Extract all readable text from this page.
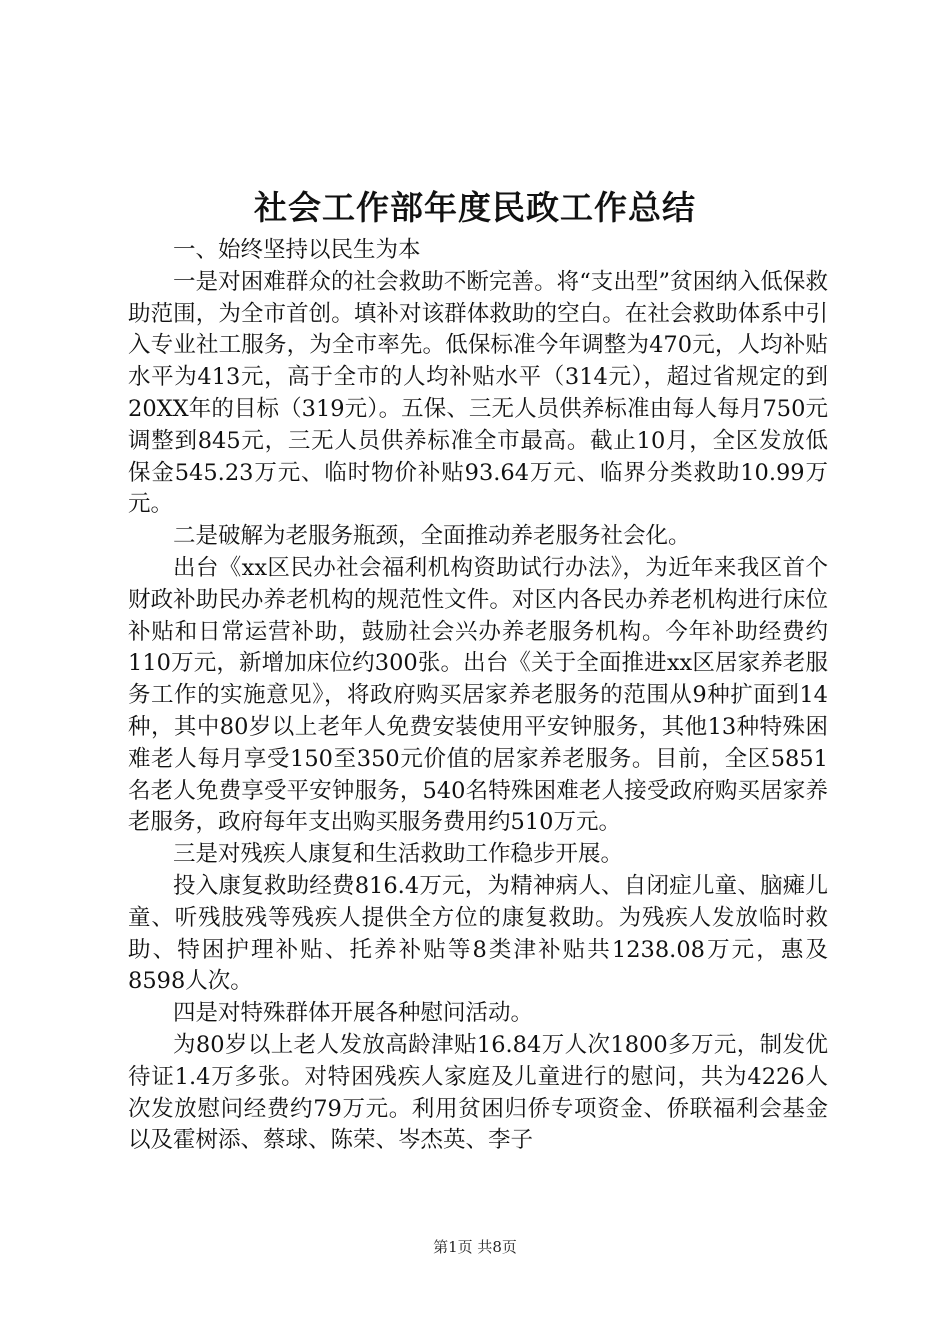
社会工作部年度民政工作总结

一、始终坚持以民生为本

一是对困难群众的社会救助不断完善。将“支出型”贫困纳入低保救助范围，为全市首创。填补对该群体救助的空白。在社会救助体系中引入专业社工服务，为全市率先。低保标准今年调整为470元，人均补贴水平为413元，高于全市的人均补贴水平（314元），超过省规定的到20XX年的目标（319元）。五保、三无人员供养标准由每人每月750元调整到845元，三无人员供养标准全市最高。截止10月，全区发放低保金545.23万元、临时物价补贴93.64万元、临界分类救助10.99万元。

二是破解为老服务瓶颈，全面推动养老服务社会化。

出台《xx区民办社会福利机构资助试行办法》，为近年来我区首个财政补助民办养老机构的规范性文件。对区内各民办养老机构进行床位补贴和日常运营补助，鼓励社会兴办养老服务机构。今年补助经费约110万元，新增加床位约300张。出台《关于全面推进xx区居家养老服务工作的实施意见》，将政府购买居家养老服务的范围从9种扩面到14种，其中80岁以上老年人免费安装使用平安钟服务，其他13种特殊困难老人每月享受150至350元价值的居家养老服务。目前，全区5851名老人免费享受平安钟服务，540名特殊困难老人接受政府购买居家养老服务，政府每年支出购买服务费用约510万元。

三是对残疾人康复和生活救助工作稳步开展。

投入康复救助经费816.4万元，为精神病人、自闭症儿童、脑瘫儿童、听残肢残等残疾人提供全方位的康复救助。为残疾人发放临时救助、特困护理补贴、托养补贴等8类津补贴共1238.08万元，惠及8598人次。

四是对特殊群体开展各种慰问活动。

为80岁以上老人发放高龄津贴16.84万人次1800多万元，制发优待证1.4万多张。对特困残疾人家庭及儿童进行的慰问，共为4226人次发放慰问经费约79万元。利用贫困归侨专项资金、侨联福利会基金以及霍树添、蔡球、陈荣、岑杰英、李子

第1页 共8页
